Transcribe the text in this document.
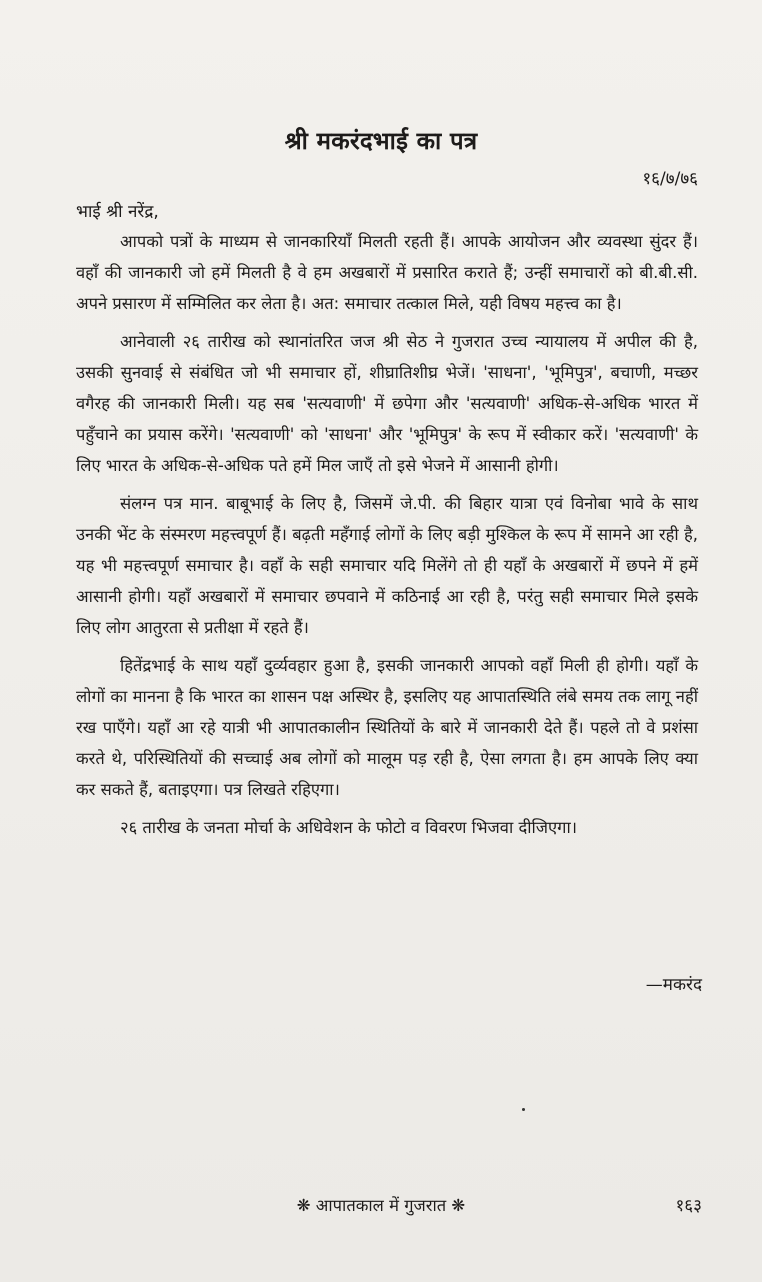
श्री मकरंदभाई का पत्र
१६/७/७६
भाई श्री नरेंद्र,

आपको पत्रों के माध्यम से जानकारियाँ मिलती रहती हैं। आपके आयोजन और व्यवस्था सुंदर हैं। वहाँ की जानकारी जो हमें मिलती है वे हम अखबारों में प्रसारित कराते हैं; उन्हीं समाचारों को बी.बी.सी. अपने प्रसारण में सम्मिलित कर लेता है। अत: समाचार तत्काल मिले, यही विषय महत्त्व का है।

आनेवाली २६ तारीख को स्थानांतरित जज श्री सेठ ने गुजरात उच्च न्यायालय में अपील की है, उसकी सुनवाई से संबंधित जो भी समाचार हों, शीघ्रातिशीघ्र भेजें। 'साधना', 'भूमिपुत्र', बचाणी, मच्छर वगैरह की जानकारी मिली। यह सब 'सत्यवाणी' में छपेगा और 'सत्यवाणी' अधिक-से-अधिक भारत में पहुँचाने का प्रयास करेंगे। 'सत्यवाणी' को 'साधना' और 'भूमिपुत्र' के रूप में स्वीकार करें। 'सत्यवाणी' के लिए भारत के अधिक-से-अधिक पते हमें मिल जाएँ तो इसे भेजने में आसानी होगी।

संलग्न पत्र मान. बाबूभाई के लिए है, जिसमें जे.पी. की बिहार यात्रा एवं विनोबा भावे के साथ उनकी भेंट के संस्मरण महत्त्वपूर्ण हैं। बढ़ती महँगाई लोगों के लिए बड़ी मुश्किल के रूप में सामने आ रही है, यह भी महत्त्वपूर्ण समाचार है। वहाँ के सही समाचार यदि मिलेंगे तो ही यहाँ के अखबारों में छपने में हमें आसानी होगी। यहाँ अखबारों में समाचार छपवाने में कठिनाई आ रही है, परंतु सही समाचार मिले इसके लिए लोग आतुरता से प्रतीक्षा में रहते हैं।

हितेंद्रभाई के साथ यहाँ दुर्व्यवहार हुआ है, इसकी जानकारी आपको वहाँ मिली ही होगी। यहाँ के लोगों का मानना है कि भारत का शासन पक्ष अस्थिर है, इसलिए यह आपातस्थिति लंबे समय तक लागू नहीं रख पाएँगे। यहाँ आ रहे यात्री भी आपातकालीन स्थितियों के बारे में जानकारी देते हैं। पहले तो वे प्रशंसा करते थे, परिस्थितियों की सच्चाई अब लोगों को मालूम पड़ रही है, ऐसा लगता है। हम आपके लिए क्या कर सकते हैं, बताइएगा। पत्र लिखते रहिएगा।

२६ तारीख के जनता मोर्चा के अधिवेशन के फोटो व विवरण भिजवा दीजिएगा।

—मकरंद
❋ आपातकाल में गुजरात ❋	१६३
